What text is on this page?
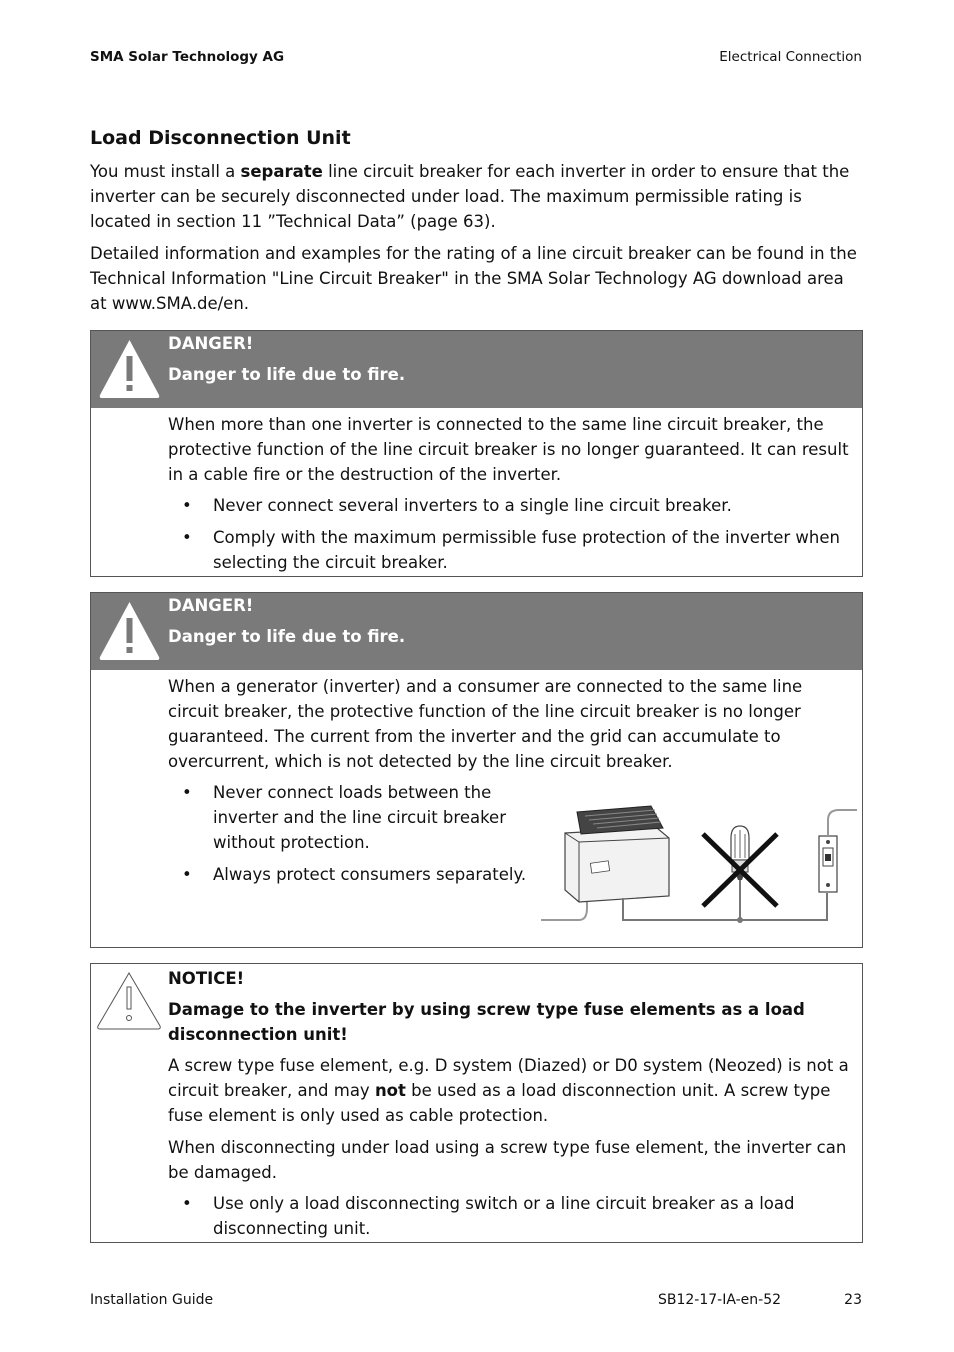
SMA Solar Technology AG	Electrical Connection
Load Disconnection Unit

You must install a separate line circuit breaker for each inverter in order to ensure that the inverter can be securely disconnected under load. The maximum permissible rating is located in section 11 ”Technical Data” (page 63).

Detailed information and examples for the rating of a line circuit breaker can be found in the Technical Information "Line Circuit Breaker" in the SMA Solar Technology AG download area at www.SMA.de/en.

DANGER!
Danger to life due to fire.

When more than one inverter is connected to the same line circuit breaker, the protective function of the line circuit breaker is no longer guaranteed. It can result in a cable fire or the destruction of the inverter.

• Never connect several inverters to a single line circuit breaker.
• Comply with the maximum permissible fuse protection of the inverter when selecting the circuit breaker.
DANGER!
Danger to life due to fire.

When a generator (inverter) and a consumer are connected to the same line circuit breaker, the protective function of the line circuit breaker is no longer guaranteed. The current from the inverter and the grid can accumulate to overcurrent, which is not detected by the line circuit breaker.

• Never connect loads between the inverter and the line circuit breaker without protection.
• Always protect consumers separately.

NOTICE!

Damage to the inverter by using screw type fuse elements as a load disconnection unit!

A screw type fuse element, e.g. D system (Diazed) or D0 system (Neozed) is not a circuit breaker, and may not be used as a load disconnection unit. A screw type fuse element is only used as cable protection.

When disconnecting under load using a screw type fuse element, the inverter can be damaged.

• Use only a load disconnecting switch or a line circuit breaker as a load disconnecting unit.
Installation Guide	SB12-17-IA-en-52	23
